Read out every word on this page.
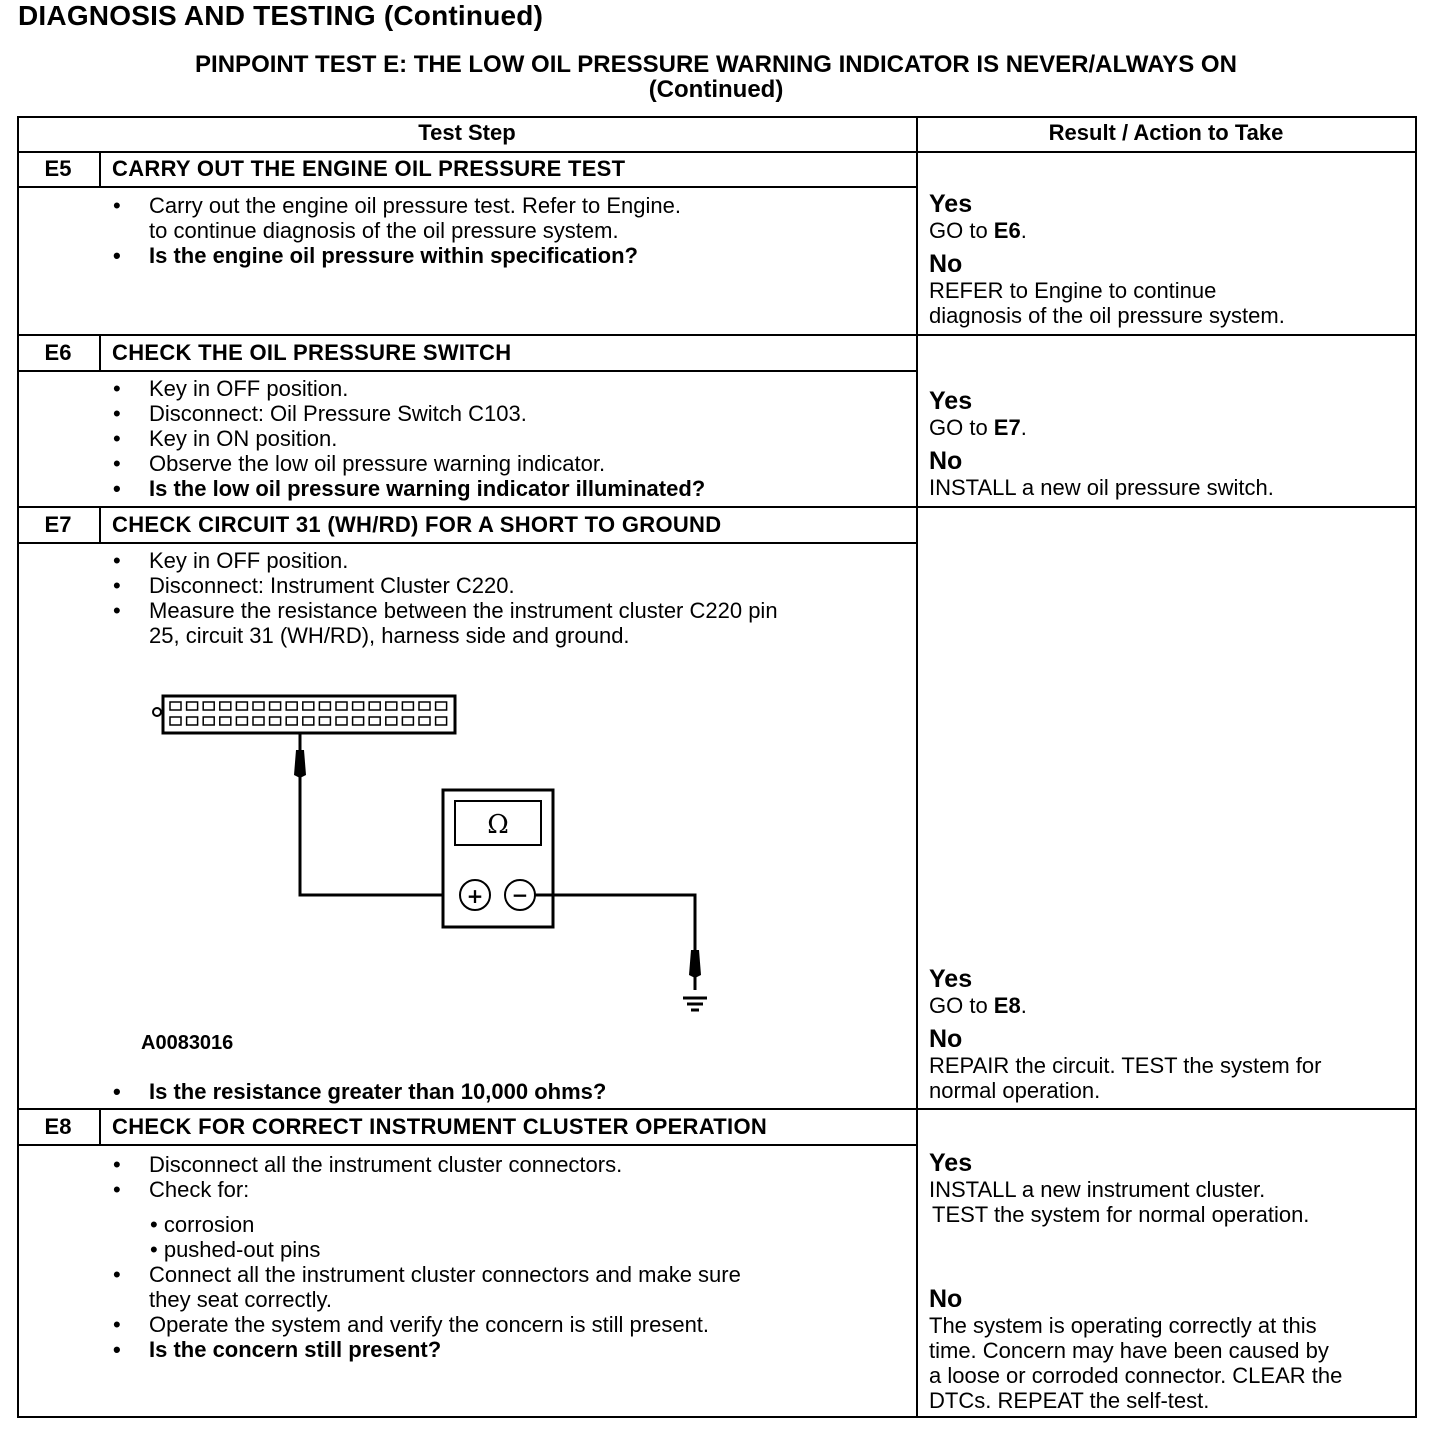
DIAGNOSIS AND TESTING (Continued)
PINPOINT TEST E: THE LOW OIL PRESSURE WARNING INDICATOR IS NEVER/ALWAYS ON
(Continued)
Test Step	Result / Action to Take
E5	CARRY OUT THE ENGINE OIL PRESSURE TEST
• Carry out the engine oil pressure test. Refer to Engine.
to continue diagnosis of the oil pressure system.
• Is the engine oil pressure within specification?
Yes
GO to E6.
No
REFER to Engine to continue
diagnosis of the oil pressure system.
E6	CHECK THE OIL PRESSURE SWITCH
• Key in OFF position.
• Disconnect: Oil Pressure Switch C103.
• Key in ON position.
• Observe the low oil pressure warning indicator.
• Is the low oil pressure warning indicator illuminated?
Yes
GO to E7.
No
INSTALL a new oil pressure switch.
E7	CHECK CIRCUIT 31 (WH/RD) FOR A SHORT TO GROUND
• Key in OFF position.
• Disconnect: Instrument Cluster C220.
• Measure the resistance between the instrument cluster C220 pin
25, circuit 31 (WH/RD), harness side and ground.
Ω
+ −
A0083016
• Is the resistance greater than 10,000 ohms?
Yes
GO to E8.
No
REPAIR the circuit. TEST the system for
normal operation.
E8	CHECK FOR CORRECT INSTRUMENT CLUSTER OPERATION
• Disconnect all the instrument cluster connectors.
• Check for:
• corrosion
• pushed-out pins
• Connect all the instrument cluster connectors and make sure
they seat correctly.
• Operate the system and verify the concern is still present.
• Is the concern still present?
Yes
INSTALL a new instrument cluster.
TEST the system for normal operation.
No
The system is operating correctly at this
time. Concern may have been caused by
a loose or corroded connector. CLEAR the
DTCs. REPEAT the self-test.
